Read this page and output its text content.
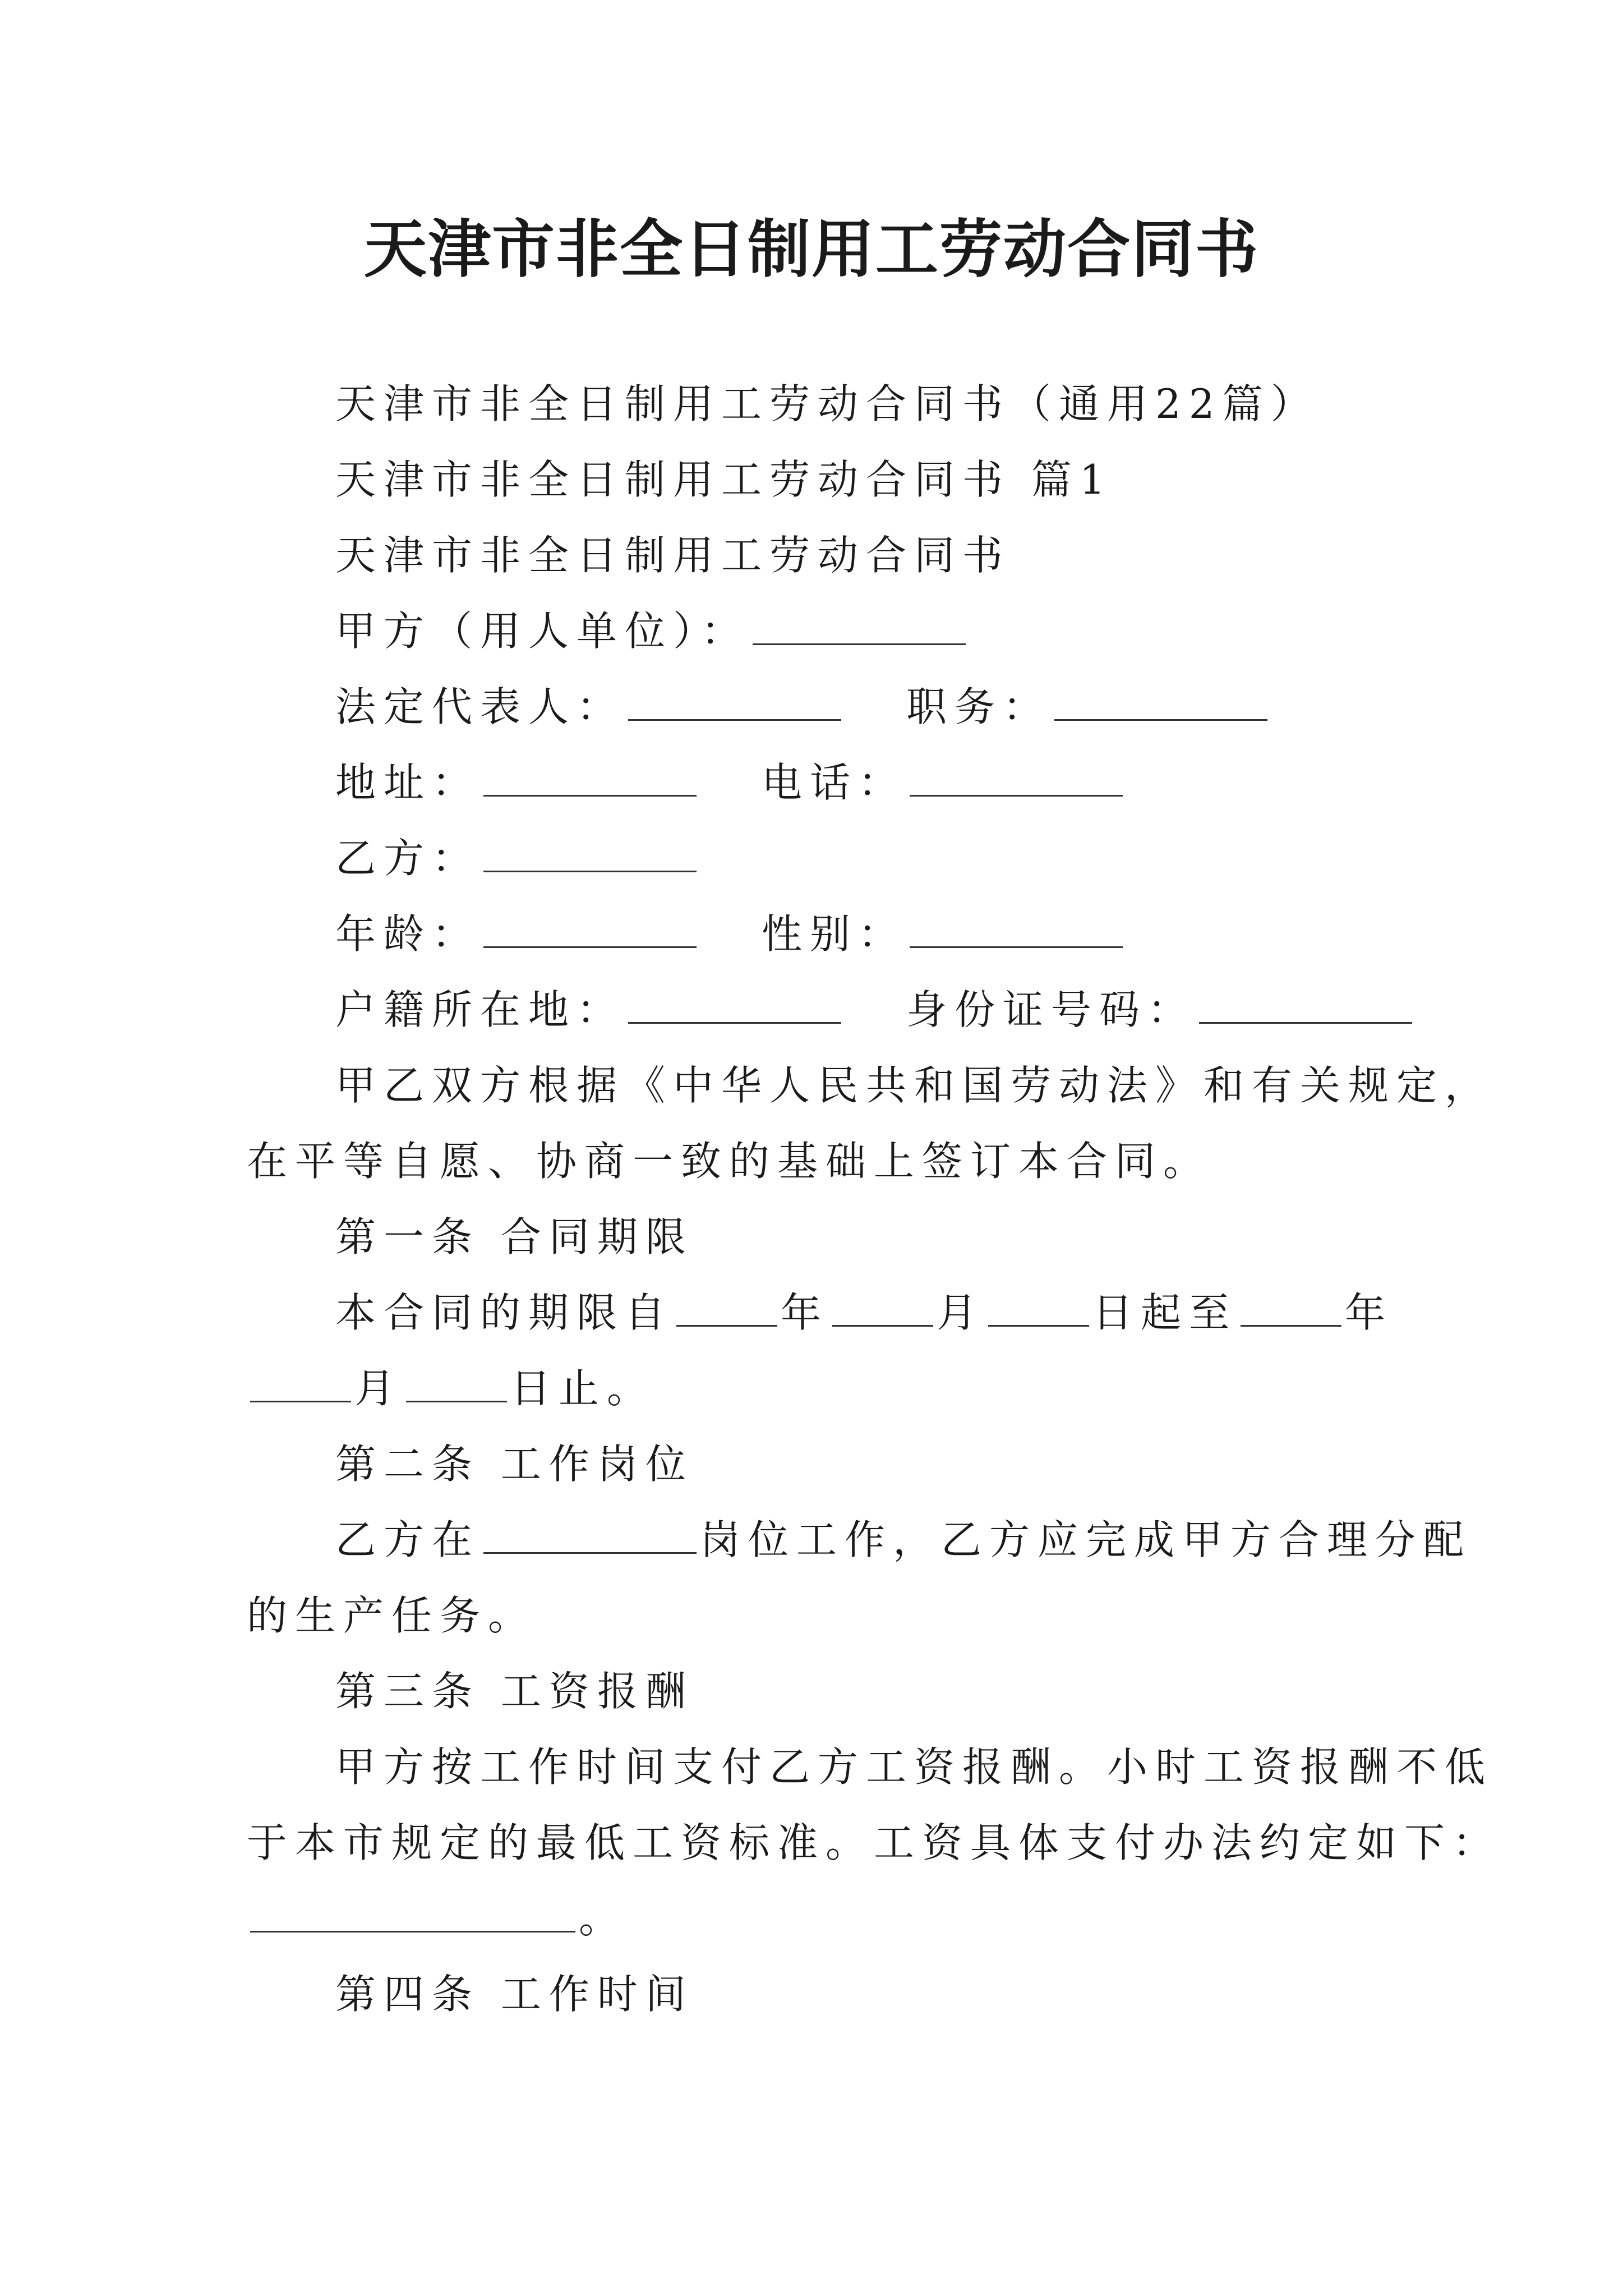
天津市非全日制用工劳动合同书
天津市非全日制用工劳动合同书（通用22篇）
天津市非全日制用工劳动合同书 篇1
天津市非全日制用工劳动合同书
甲方（用人单位）：
法定代表人：	职务：
地址：	电话：
乙方：
年龄：	性别：
户籍所在地：	身份证号码：
甲乙双方根据《中华人民共和国劳动法》和有关规定，
在平等自愿、协商一致的基础上签订本合同。
第一条 合同期限
本合同的期限自	年	月	日起至	年
月	日止。
第二条 工作岗位
乙方在	岗位工作，乙方应完成甲方合理分配
的生产任务。
第三条 工资报酬
甲方按工作时间支付乙方工资报酬。小时工资报酬不低
于本市规定的最低工资标准。工资具体支付办法约定如下：
。
第四条 工作时间
